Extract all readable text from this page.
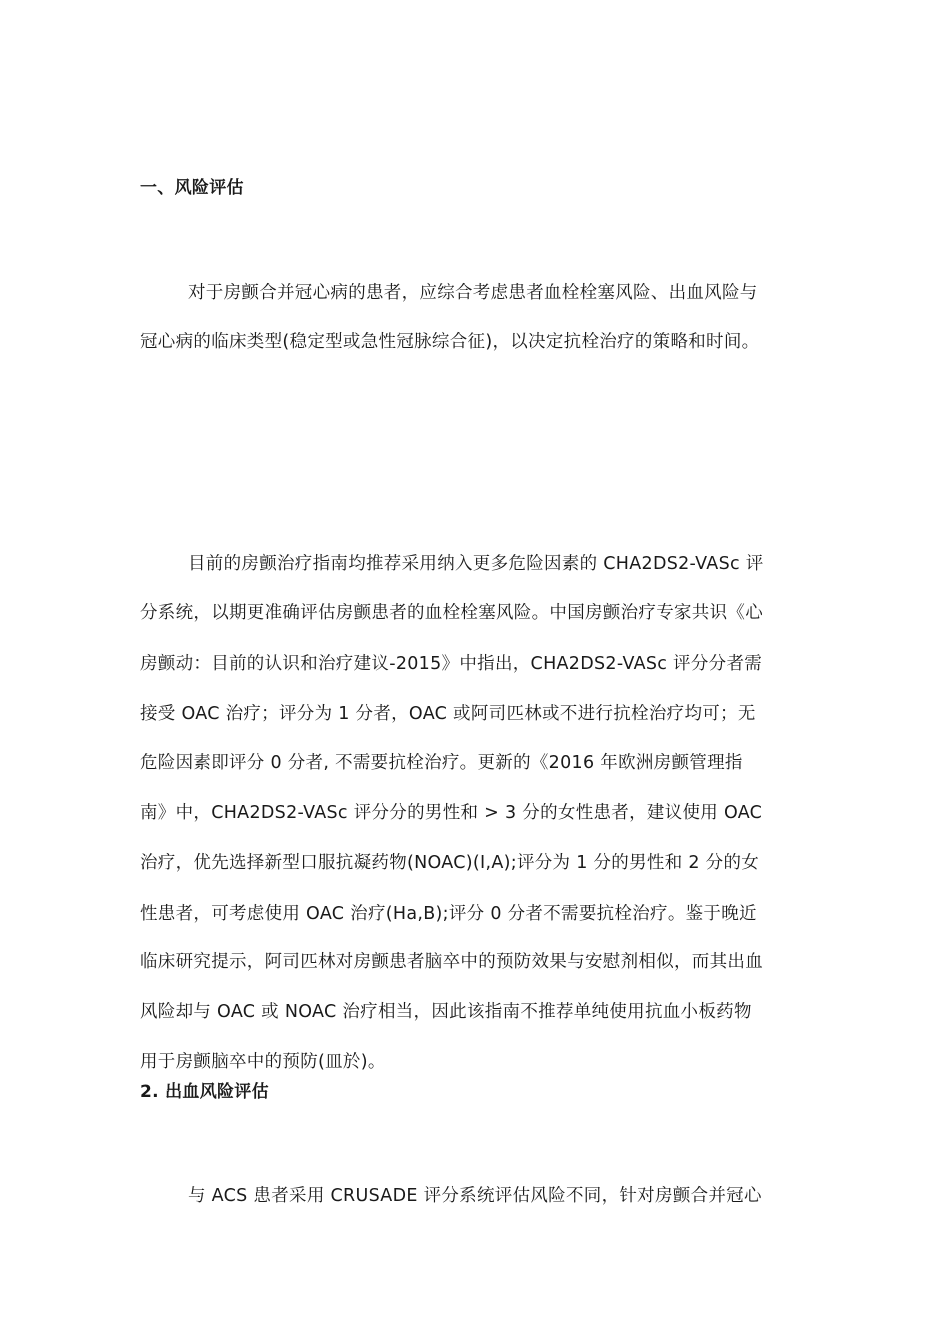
一、风险评估
对于房颤合并冠心病的患者，应综合考虑患者血栓栓塞风险、出血风险与
冠心病的临床类型(稳定型或急性冠脉综合征)，以决定抗栓治疗的策略和时间。
目前的房颤治疗指南均推荐采用纳入更多危险因素的 CHA2DS2-VASc 评
分系统，以期更准确评估房颤患者的血栓栓塞风险。中国房颤治疗专家共识《心
房颤动：目前的认识和治疗建议-2015》中指出，CHA2DS2-VASc 评分分者需
接受 OAC 治疗；评分为 1 分者，OAC 或阿司匹林或不进行抗栓治疗均可；无
危险因素即评分 0 分者, 不需要抗栓治疗。更新的《2016 年欧洲房颤管理指
南》中，CHA2DS2-VASc 评分分的男性和 > 3 分的女性患者，建议使用 OAC
治疗，优先选择新型口服抗凝药物(NOAC)(I,A);评分为 1 分的男性和 2 分的女
性患者，可考虑使用 OAC 治疗(Ha,B);评分 0 分者不需要抗栓治疗。鉴于晚近
临床研究提示，阿司匹林对房颤患者脑卒中的预防效果与安慰剂相似，而其出血
风险却与 OAC 或 NOAC 治疗相当，因此该指南不推荐单纯使用抗血小板药物
用于房颤脑卒中的预防(皿於)。
2. 出血风险评估
与 ACS 患者采用 CRUSADE 评分系统评估风险不同，针对房颤合并冠心
